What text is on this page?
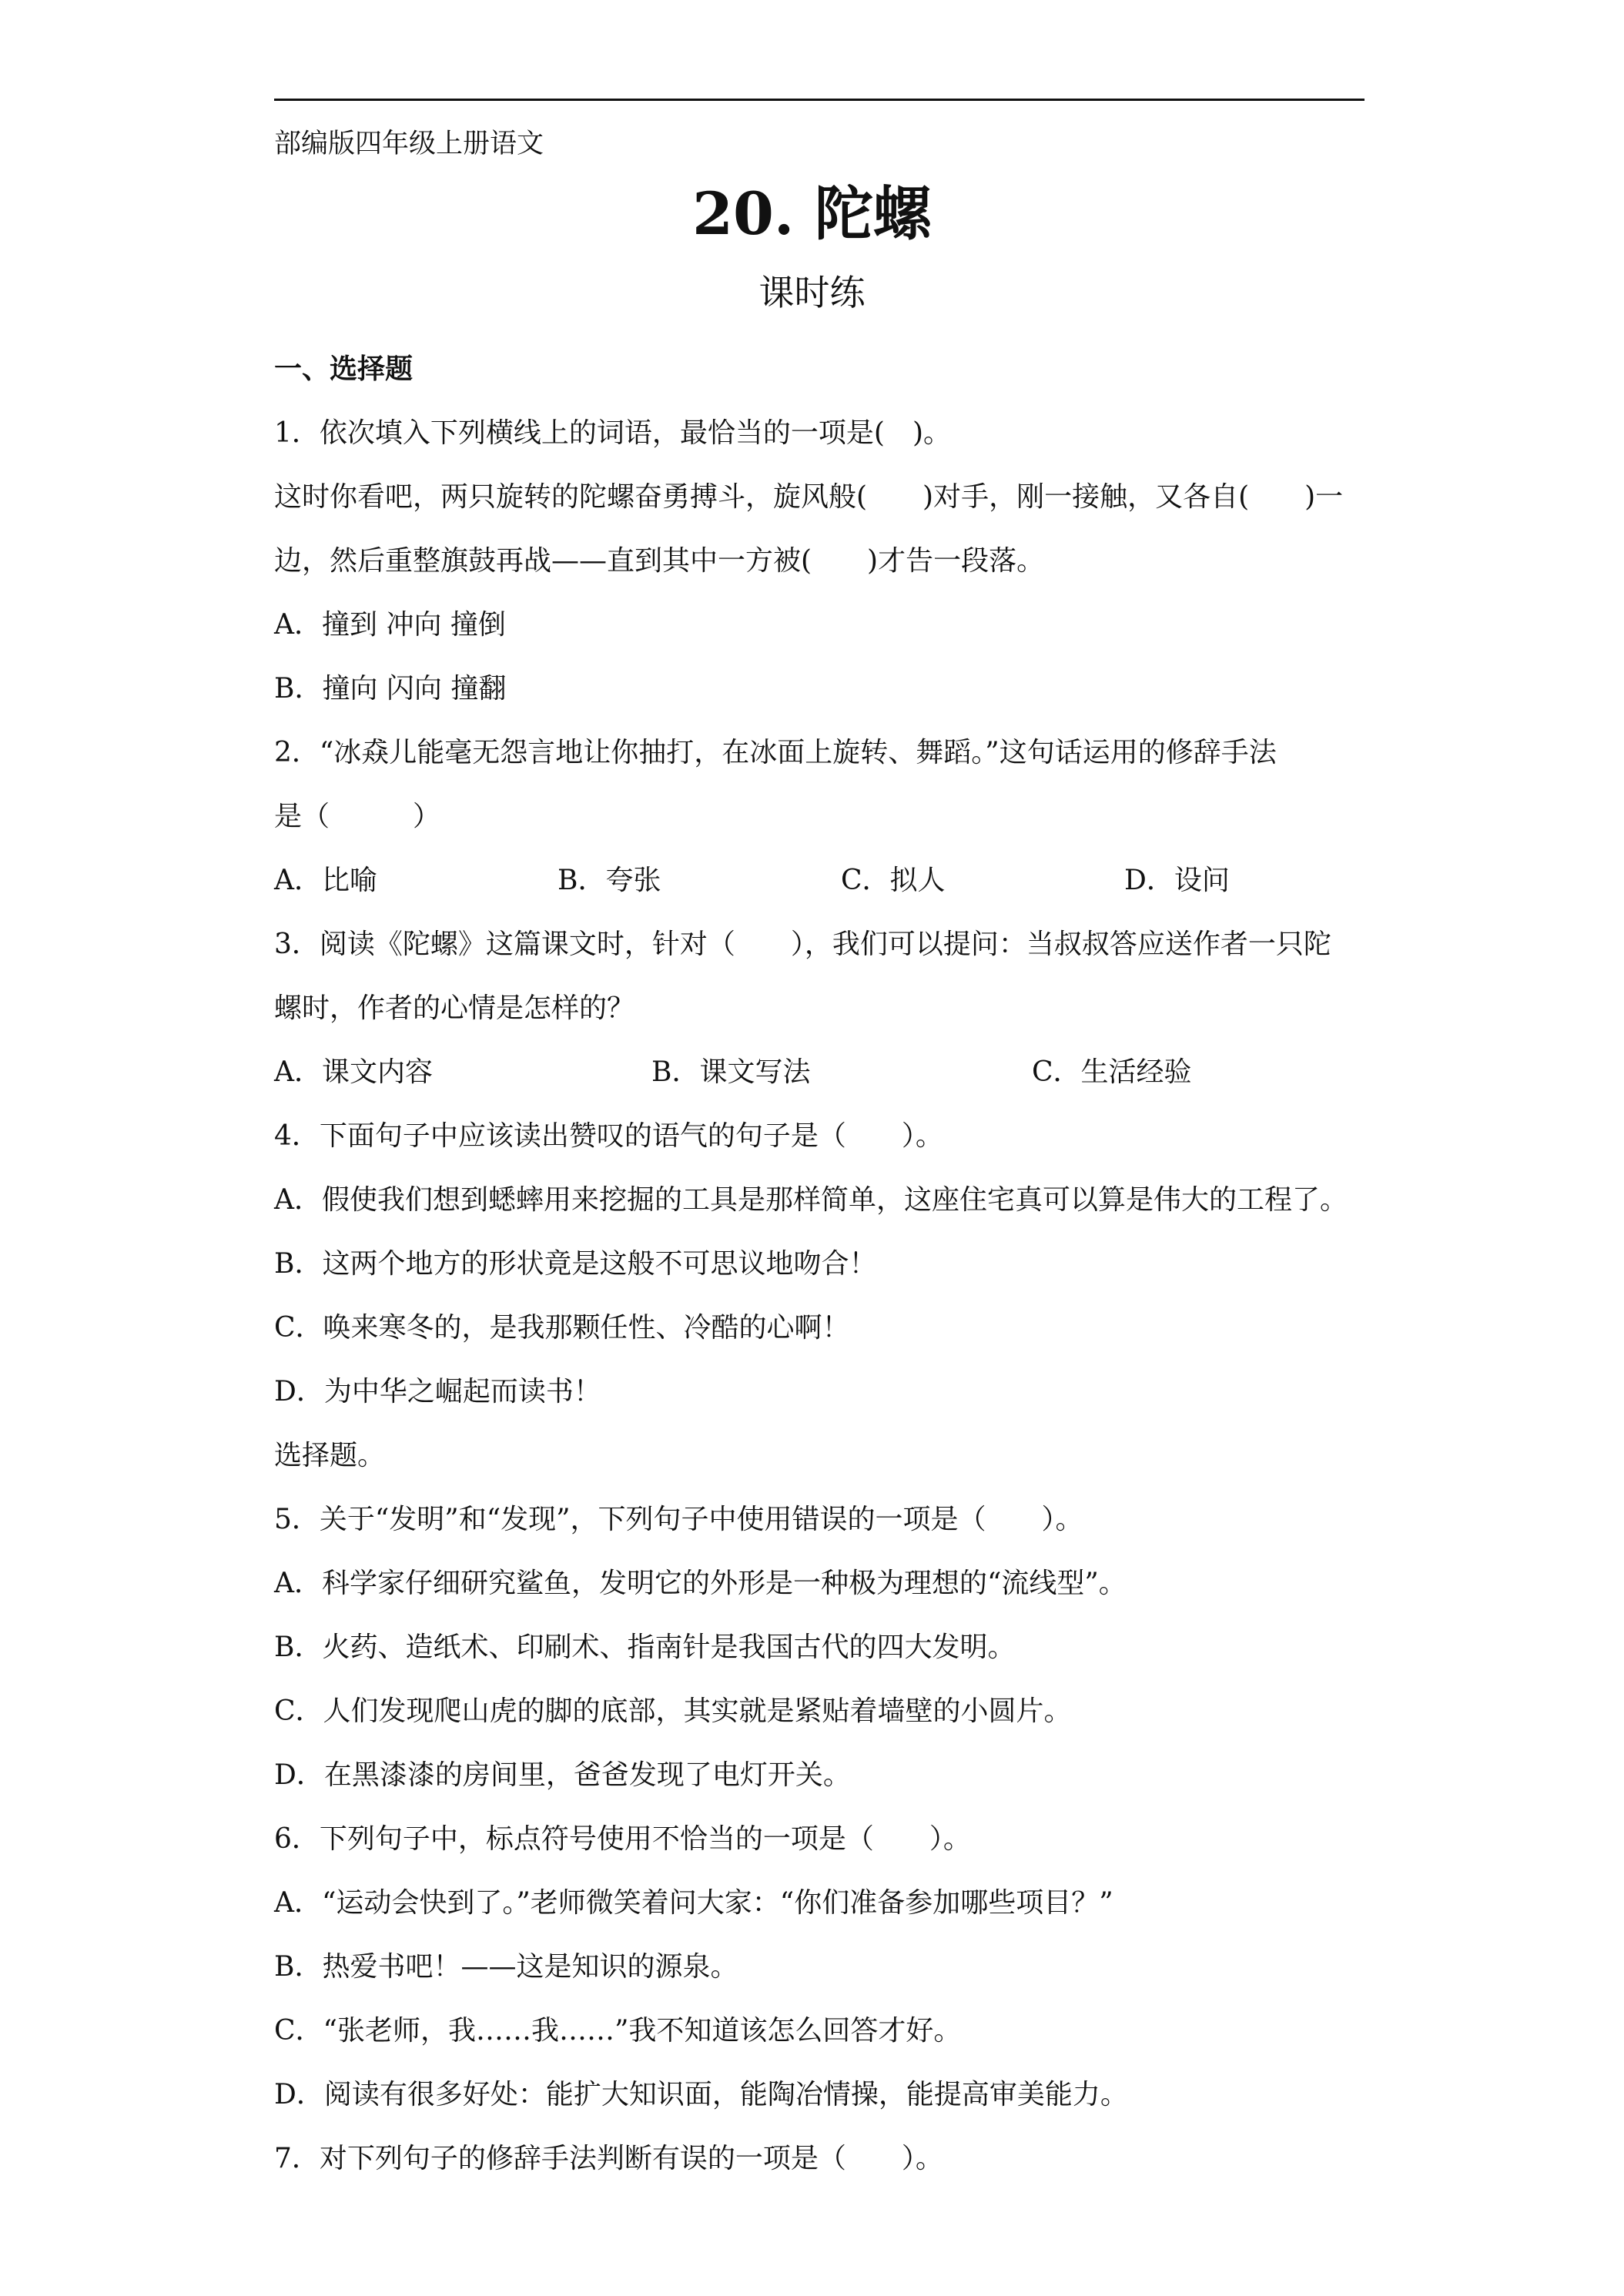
部编版四年级上册语文
20. 陀螺
课时练
一、选择题
1．依次填入下列横线上的词语，最恰当的一项是(　)。
这时你看吧，两只旋转的陀螺奋勇搏斗，旋风般(　　)对手，刚一接触，又各自(　　)一
边，然后重整旗鼓再战——直到其中一方被(　　)才告一段落。
A．撞到 冲向 撞倒
B．撞向 闪向 撞翻
2．“冰猋儿能毫无怨言地让你抽打，在冰面上旋转、舞蹈。”这句话运用的修辞手法
是（　　　）
A．比喻	B．夸张	C．拟人	D．设问
3．阅读《陀螺》这篇课文时，针对（　　），我们可以提问：当叔叔答应送作者一只陀
螺时，作者的心情是怎样的？
A．课文内容	B．课文写法	C．生活经验
4．下面句子中应该读出赞叹的语气的句子是（　　）。
A．假使我们想到蟋蟀用来挖掘的工具是那样简单，这座住宅真可以算是伟大的工程了。
B．这两个地方的形状竟是这般不可思议地吻合！
C．唤来寒冬的，是我那颗任性、冷酷的心啊！
D．为中华之崛起而读书！
选择题。
5．关于“发明”和“发现”，下列句子中使用错误的一项是（　　）。
A．科学家仔细研究鲨鱼，发明它的外形是一种极为理想的“流线型”。
B．火药、造纸术、印刷术、指南针是我国古代的四大发明。
C．人们发现爬山虎的脚的底部，其实就是紧贴着墙壁的小圆片。
D．在黑漆漆的房间里，爸爸发现了电灯开关。
6．下列句子中，标点符号使用不恰当的一项是（　　）。
A．“运动会快到了。”老师微笑着问大家：“你们准备参加哪些项目？”
B．热爱书吧！——这是知识的源泉。
C．“张老师，我……我……”我不知道该怎么回答才好。
D．阅读有很多好处：能扩大知识面，能陶冶情操，能提高审美能力。
7．对下列句子的修辞手法判断有误的一项是（　　）。
